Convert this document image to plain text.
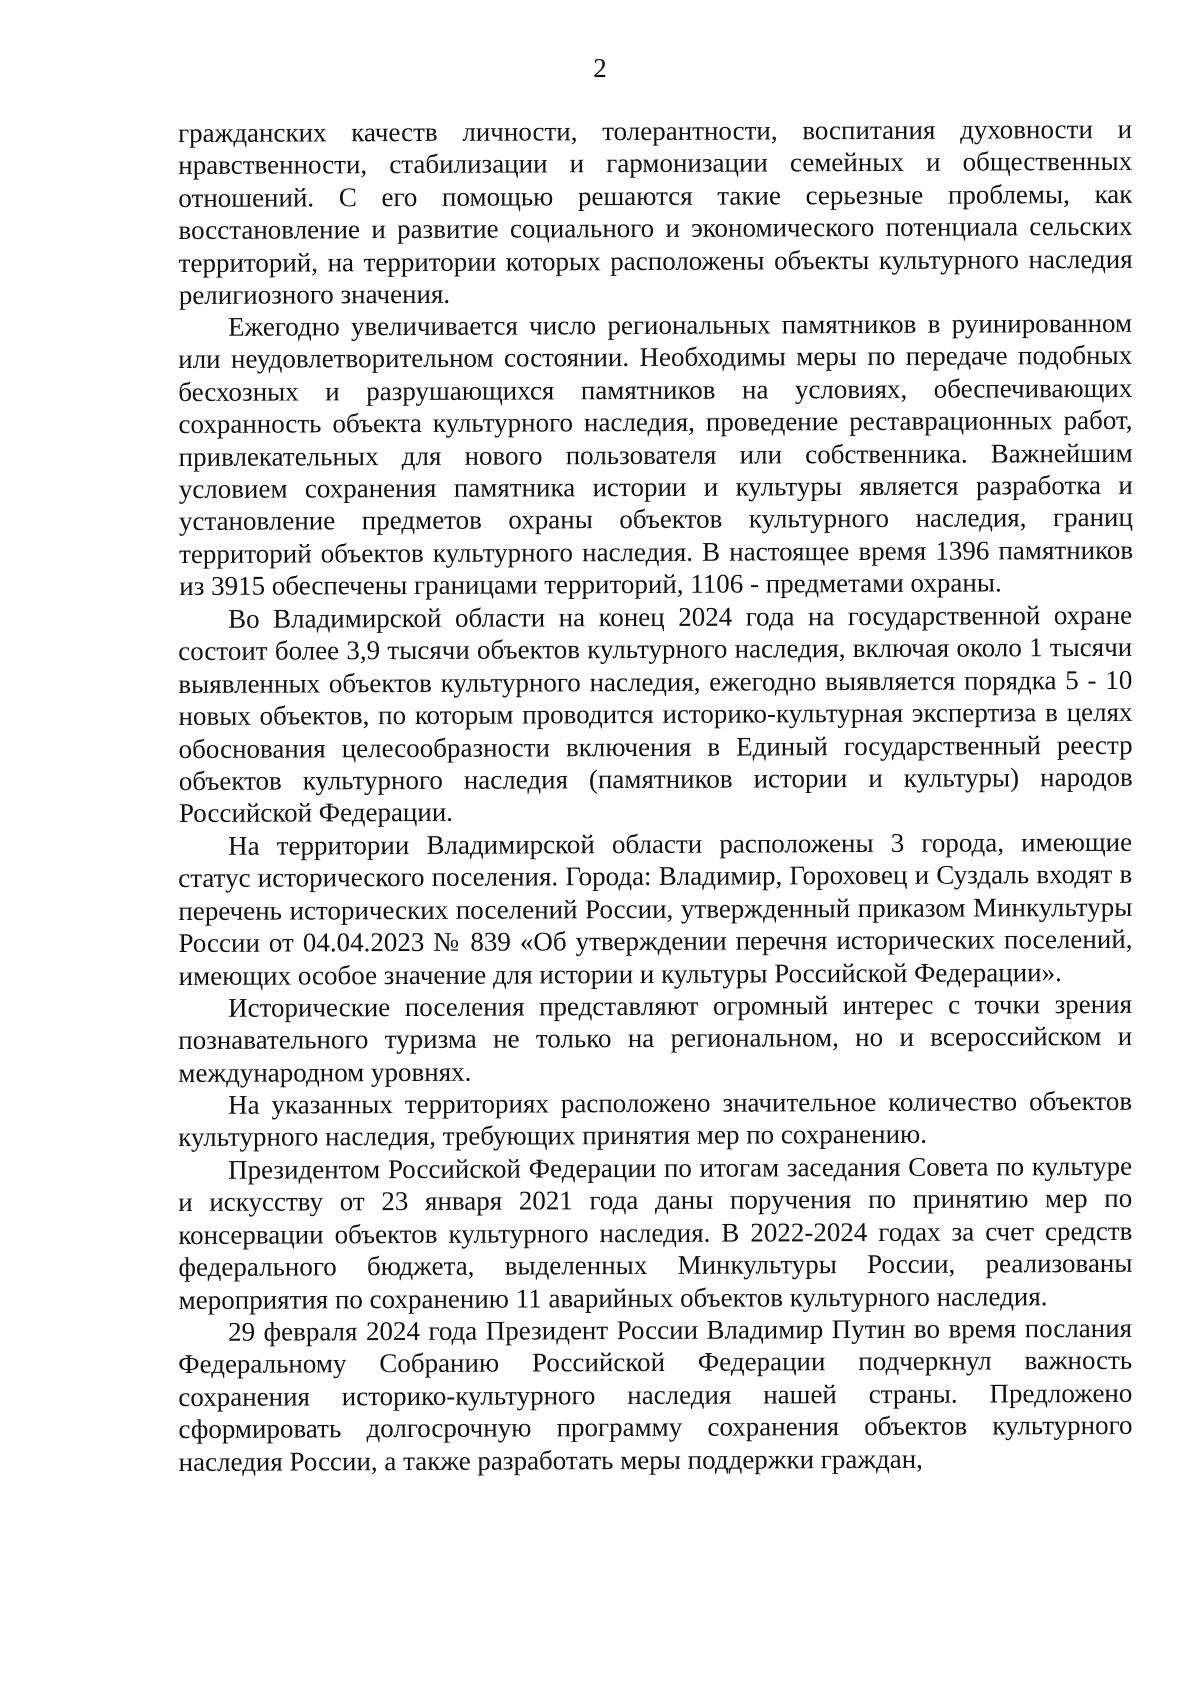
2

гражданских качеств личности, толерантности, воспитания духовности и нравственности, стабилизации и гармонизации семейных и общественных отношений. С его помощью решаются такие серьезные проблемы, как восстановление и развитие социального и экономического потенциала сельских территорий, на территории которых расположены объекты культурного наследия религиозного значения.

Ежегодно увеличивается число региональных памятников в руинированном или неудовлетворительном состоянии. Необходимы меры по передаче подобных бесхозных и разрушающихся памятников на условиях, обеспечивающих сохранность объекта культурного наследия, проведение реставрационных работ, привлекательных для нового пользователя или собственника. Важнейшим условием сохранения памятника истории и культуры является разработка и установление предметов охраны объектов культурного наследия, границ территорий объектов культурного наследия. В настоящее время 1396 памятников из 3915 обеспечены границами территорий, 1106 - предметами охраны.

Во Владимирской области на конец 2024 года на государственной охране состоит более 3,9 тысячи объектов культурного наследия, включая около 1 тысячи выявленных объектов культурного наследия, ежегодно выявляется порядка 5 - 10 новых объектов, по которым проводится историко-культурная экспертиза в целях обоснования целесообразности включения в Единый государственный реестр объектов культурного наследия (памятников истории и культуры) народов Российской Федерации.

На территории Владимирской области расположены 3 города, имеющие статус исторического поселения. Города: Владимир, Гороховец и Суздаль входят в перечень исторических поселений России, утвержденный приказом Минкультуры России от 04.04.2023 № 839 «Об утверждении перечня исторических поселений, имеющих особое значение для истории и культуры Российской Федерации».

Исторические поселения представляют огромный интерес с точки зрения познавательного туризма не только на региональном, но и всероссийском и международном уровнях.

На указанных территориях расположено значительное количество объектов культурного наследия, требующих принятия мер по сохранению.

Президентом Российской Федерации по итогам заседания Совета по культуре и искусству от 23 января 2021 года даны поручения по принятию мер по консервации объектов культурного наследия. В 2022-2024 годах за счет средств федерального бюджета, выделенных Минкультуры России, реализованы мероприятия по сохранению 11 аварийных объектов культурного наследия.

29 февраля 2024 года Президент России Владимир Путин во время послания Федеральному Собранию Российской Федерации подчеркнул важность сохранения историко-культурного наследия нашей страны. Предложено сформировать долгосрочную программу сохранения объектов культурного наследия России, а также разработать меры поддержки граждан,
